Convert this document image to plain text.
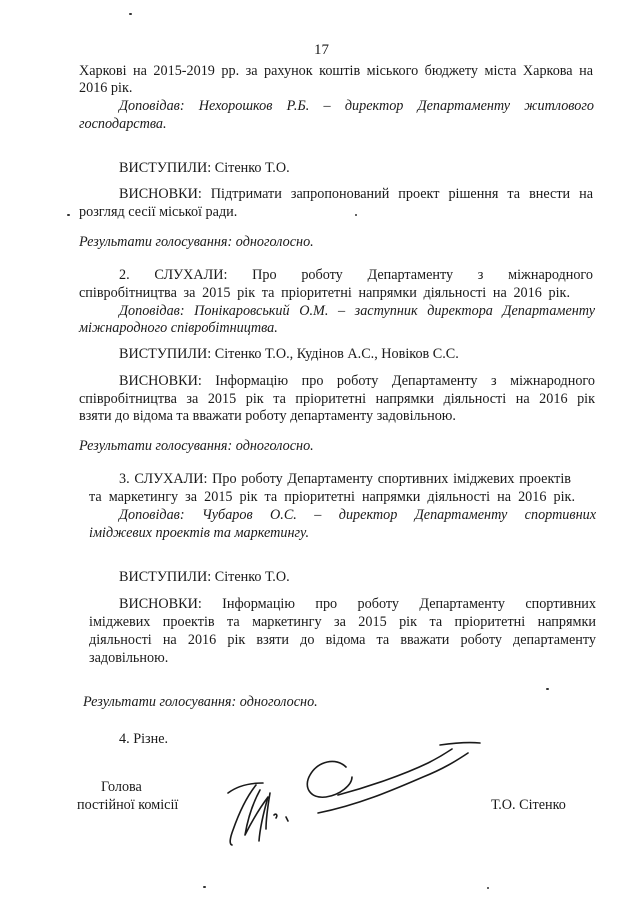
17
Харкові на 2015-2019 рр. за рахунок коштів міського бюджету міста Харкова на
2016 рік.
Доповідав: Нехорошков Р.Б. – директор Департаменту житлового
господарства.
ВИСТУПИЛИ: Сітенко Т.О.
ВИСНОВКИ: Підтримати запропонований проект рішення та внести на
розгляд сесії міської ради.
Результати голосування: одноголосно.
2. СЛУХАЛИ: Про роботу Департаменту з міжнародного
співробітництва за 2015 рік та пріоритетні напрямки діяльності на 2016 рік.
Доповідав: Понікаровський О.М. – заступник директора Департаменту
міжнародного співробітництва.
ВИСТУПИЛИ: Сітенко Т.О., Кудінов А.С., Новіков С.С.
ВИСНОВКИ: Інформацію про роботу Департаменту з міжнародного
співробітництва за 2015 рік та пріоритетні напрямки діяльності на 2016 рік
взяти до відома та вважати роботу департаменту задовільною.
Результати голосування: одноголосно.
3. СЛУХАЛИ: Про роботу Департаменту спортивних іміджевих проектів
та маркетингу за 2015 рік та пріоритетні напрямки діяльності на 2016 рік.
Доповідав: Чубаров О.С. – директор Департаменту спортивних
іміджевих проектів та маркетингу.
ВИСТУПИЛИ: Сітенко Т.О.
ВИСНОВКИ: Інформацію про роботу Департаменту спортивних
іміджевих проектів та маркетингу за 2015 рік та пріоритетні напрямки
діяльності на 2016 рік взяти до відома та вважати роботу департаменту
задовільною.
Результати голосування: одноголосно.
4. Різне.
Голова
постійної комісії	Т.О. Сітенко
